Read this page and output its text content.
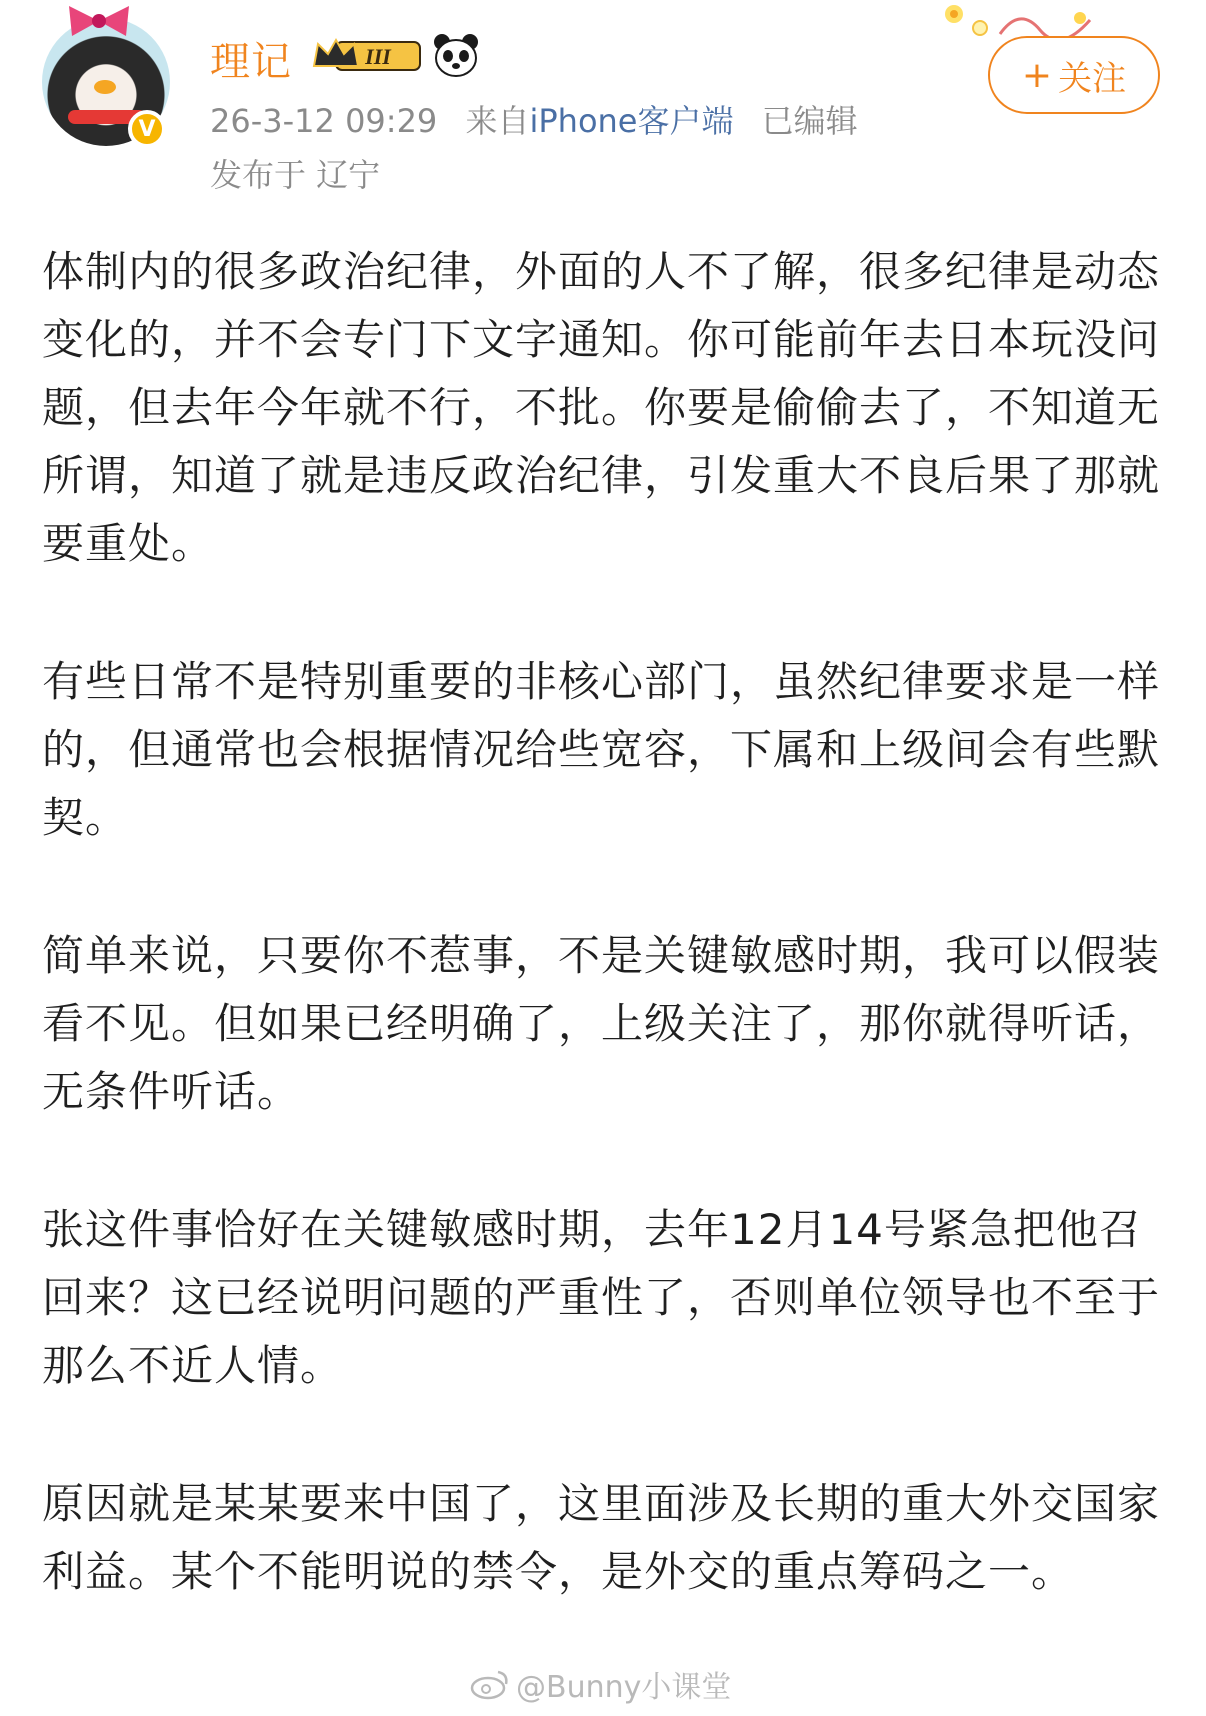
V
理记	III
26-3-12 09:29 来自iPhone客户端 已编辑
发布于 辽宁
+ 关注

体制内的很多政治纪律，外面的人不了解，很多纪律是动态变化的，并不会专门下文字通知。你可能前年去日本玩没问题，但去年今年就不行，不批。你要是偷偷去了，不知道无所谓，知道了就是违反政治纪律，引发重大不良后果了那就要重处。

有些日常不是特别重要的非核心部门，虽然纪律要求是一样的，但通常也会根据情况给些宽容，下属和上级间会有些默契。

简单来说，只要你不惹事，不是关键敏感时期，我可以假装看不见。但如果已经明确了，上级关注了，那你就得听话，无条件听话。

张这件事恰好在关键敏感时期，去年12月14号紧急把他召回来？这已经说明问题的严重性了，否则单位领导也不至于那么不近人情。

原因就是某某要来中国了，这里面涉及长期的重大外交国家利益。某个不能明说的禁令，是外交的重点筹码之一。

@Bunny小课堂
